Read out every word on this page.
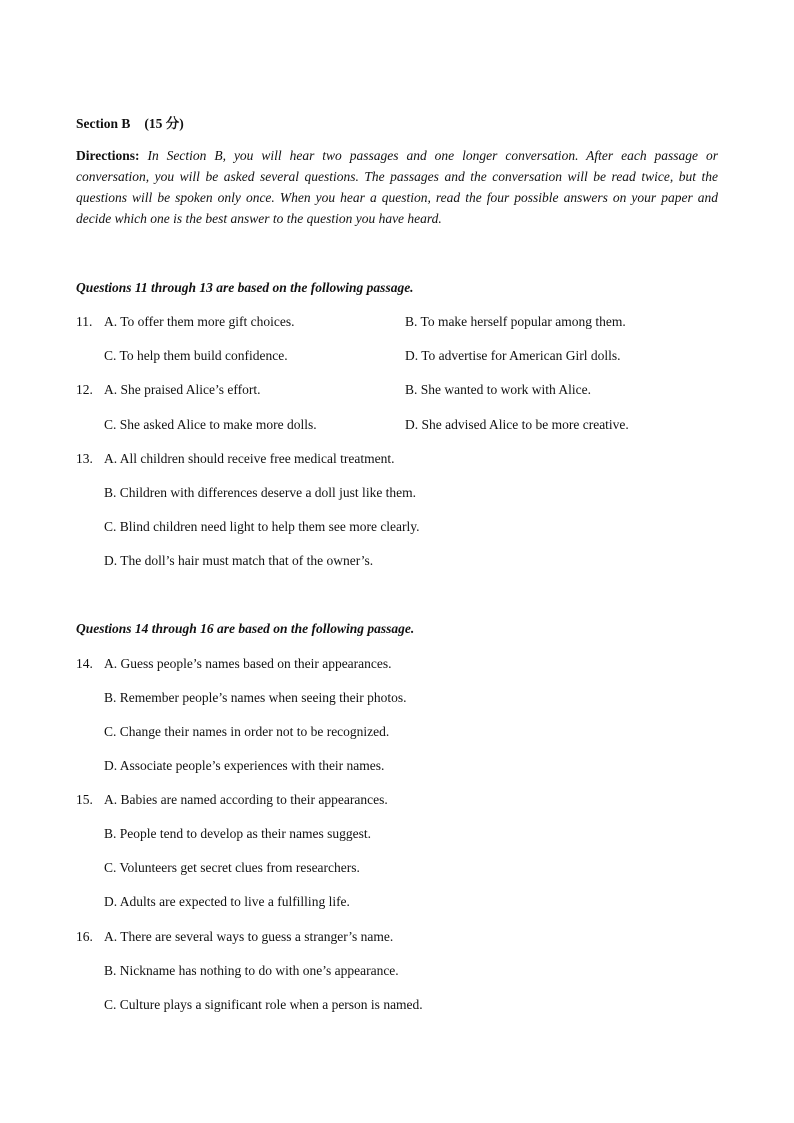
Section B (15 分)
Directions: In Section B, you will hear two passages and one longer conversation. After each passage or conversation, you will be asked several questions. The passages and the conversation will be read twice, but the questions will be spoken only once. When you hear a question, read the four possible answers on your paper and decide which one is the best answer to the question you have heard.
Questions 11 through 13 are based on the following passage.
11. A. To offer them more gift choices.	B. To make herself popular among them.
C. To help them build confidence.	D. To advertise for American Girl dolls.
12. A. She praised Alice’s effort.	B. She wanted to work with Alice.
C. She asked Alice to make more dolls.	D. She advised Alice to be more creative.
13. A. All children should receive free medical treatment.
B. Children with differences deserve a doll just like them.
C. Blind children need light to help them see more clearly.
D. The doll’s hair must match that of the owner’s.
Questions 14 through 16 are based on the following passage.
14. A. Guess people’s names based on their appearances.
B. Remember people’s names when seeing their photos.
C. Change their names in order not to be recognized.
D. Associate people’s experiences with their names.
15. A. Babies are named according to their appearances.
B. People tend to develop as their names suggest.
C. Volunteers get secret clues from researchers.
D. Adults are expected to live a fulfilling life.
16. A. There are several ways to guess a stranger’s name.
B. Nickname has nothing to do with one’s appearance.
C. Culture plays a significant role when a person is named.
